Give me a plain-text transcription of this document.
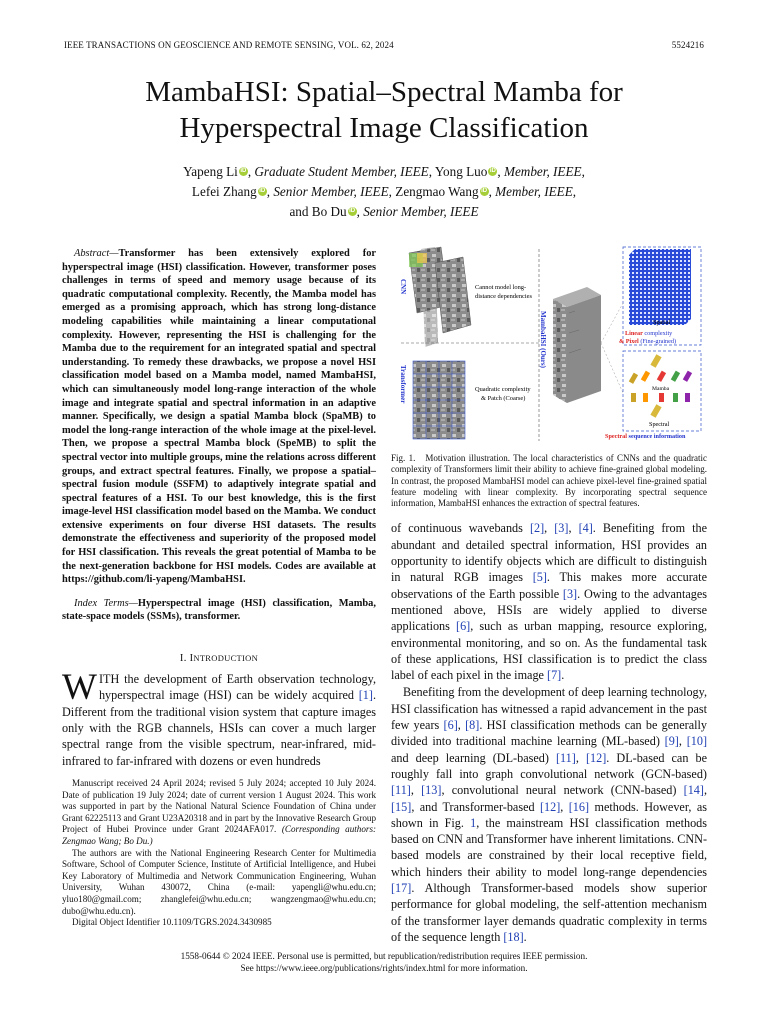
IEEE TRANSACTIONS ON GEOSCIENCE AND REMOTE SENSING, VOL. 62, 2024	5524216
MambaHSI: Spatial–Spectral Mamba for
Hyperspectral Image Classification
Yapeng Li iD , Graduate Student Member, IEEE, Yong Luo iD , Member, IEEE,
Lefei Zhang iD , Senior Member, IEEE, Zengmao Wang iD , Member, IEEE,
and Bo Du iD , Senior Member, IEEE

Abstract—Transformer has been extensively explored for hyperspectral image (HSI) classification. However, transformer poses challenges in terms of speed and memory usage because of its quadratic computational complexity. Recently, the Mamba model has emerged as a promising approach, which has strong long-distance modeling capabilities while maintaining a linear computational complexity. However, representing the HSI is challenging for the Mamba due to the requirement for an integrated spatial and spectral understanding. To remedy these drawbacks, we propose a novel HSI classification model based on a Mamba model, named MambaHSI, which can simultaneously model long-range interaction of the whole image and integrate spatial and spectral information in an adaptive manner. Specifically, we design a spatial Mamba block (SpaMB) to model the long-range interaction of the whole image at the pixel-level. Then, we propose a spectral Mamba block (SpeMB) to split the spectral vector into multiple groups, mine the relations across different groups, and extract spectral features. Finally, we propose a spatial–spectral fusion module (SSFM) to adaptively integrate spatial and spectral features of a HSI. To our best knowledge, this is the first image-level HSI classification model based on the Mamba. We conduct extensive experiments on four diverse HSI datasets. The results demonstrate the effectiveness and superiority of the proposed model for HSI classification. This reveals the great potential of Mamba to be the next-generation backbone for HSI models. Codes are available at https://github.com/li-yapeng/MambaHSI.

Index Terms—Hyperspectral image (HSI) classification, Mamba, state-space models (SSMs), transformer.

I. INTRODUCTION

WITH the development of Earth observation technology, hyperspectral image (HSI) can be widely acquired [1]. Different from the traditional vision system that capture images only with the RGB channels, HSIs can cover a much larger spectral range from the visible spectrum, near-infrared, mid-infrared to far-infrared with dozens or even hundreds

Manuscript received 24 April 2024; revised 5 July 2024; accepted 10 July 2024. Date of publication 19 July 2024; date of current version 1 August 2024. This work was supported in part by the National Natural Science Foundation of China under Grant 62225113 and Grant U23A20318 and in part by the Innovative Research Group Project of Hubei Province under Grant 2024AFA017. (Corresponding authors: Zengmao Wang; Bo Du.)

The authors are with the National Engineering Research Center for Multimedia Software, School of Computer Science, Institute of Artificial Intelligence, and Hubei Key Laboratory of Multimedia and Network Communication Engineering, Wuhan University, Wuhan 430072, China (e-mail: yapengli@whu.edu.cn; yluo180@gmail.com; zhanglefei@whu.edu.cn; wangzengmao@whu.edu.cn; dubo@whu.edu.cn).

Digital Object Identifier 10.1109/TGRS.2024.3430985

CNN	Cannot model long-
distance dependencies
Transformer	Quadratic complexity
& Patch (Coarse)
MambaHSI (Ours)	Spatial
Linear complexity
& Pixel (Fine-grained)
Mamba
Spectral
Spectral sequence information

Fig. 1. Motivation illustration. The local characteristics of CNNs and the quadratic complexity of Transformers limit their ability to achieve fine-grained global modeling. In contrast, the proposed MambaHSI model can achieve pixel-level fine-grained spatial feature modeling with linear complexity. By incorporating spectral sequence information, MambaHSI enhances the extraction of spectral features.

of continuous wavebands [2], [3], [4]. Benefiting from the abundant and detailed spectral information, HSI provides an opportunity to identify objects which are difficult to distinguish in natural RGB images [5]. This makes more accurate observations of the Earth possible [3]. Owing to the advantages mentioned above, HSIs are widely applied to diverse applications [6], such as urban mapping, resource exploring, environmental monitoring, and so on. As the fundamental task of these applications, HSI classification is to predict the class label of each pixel in the image [7].

Benefiting from the development of deep learning technology, HSI classification has witnessed a rapid advancement in the past few years [6], [8]. HSI classification methods can be generally divided into traditional machine learning (ML-based) [9], [10] and deep learning (DL-based) [11], [12]. DL-based can be roughly fall into graph convolutional network (GCN-based) [11], [13], convolutional neural network (CNN-based) [14], [15], and Transformer-based [12], [16] methods. However, as shown in Fig. 1, the mainstream HSI classification methods based on CNN and Transformer have inherent limitations. CNN-based models are constrained by their local receptive field, which hinders their ability to model long-range dependencies [17]. Although Transformer-based models show superior performance for global modeling, the self-attention mechanism of the transformer layer demands quadratic complexity in terms of the sequence length [18].

1558-0644 © 2024 IEEE. Personal use is permitted, but republication/redistribution requires IEEE permission.
See https://www.ieee.org/publications/rights/index.html for more information.
